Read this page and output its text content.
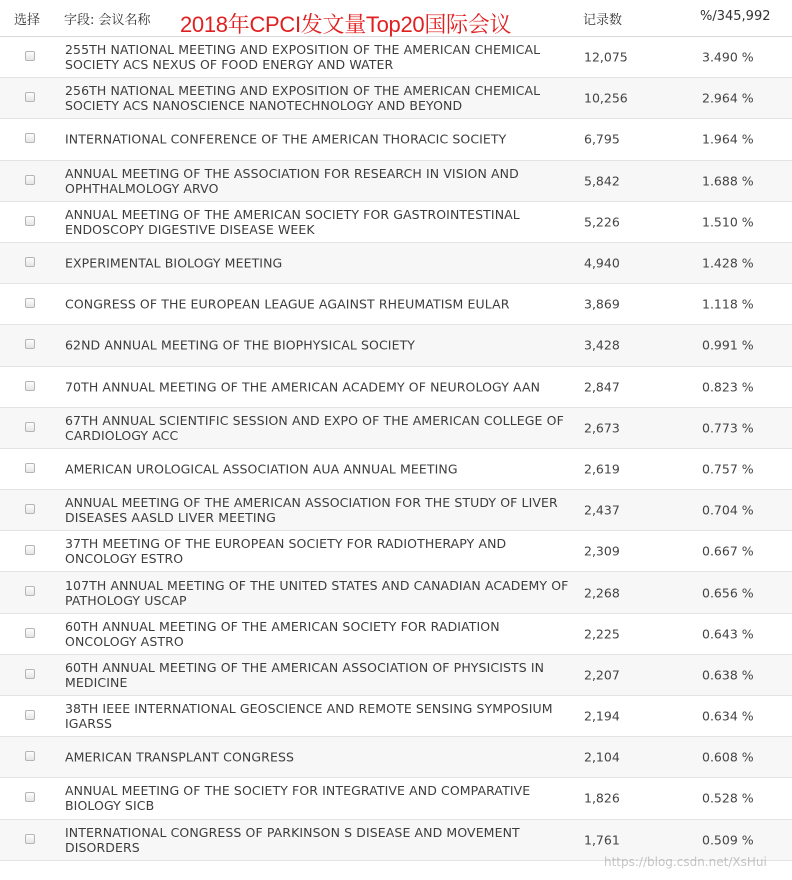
选择 字段: 会议名称	记录数	%/345,992
2018年CPCI发文量Top20国际会议
255TH NATIONAL MEETING AND EXPOSITION OF THE AMERICAN CHEMICAL SOCIETY ACS NEXUS OF FOOD ENERGY AND WATER	12,075	3.490 %
256TH NATIONAL MEETING AND EXPOSITION OF THE AMERICAN CHEMICAL SOCIETY ACS NANOSCIENCE NANOTECHNOLOGY AND BEYOND	10,256	2.964 %
INTERNATIONAL CONFERENCE OF THE AMERICAN THORACIC SOCIETY	6,795	1.964 %
ANNUAL MEETING OF THE ASSOCIATION FOR RESEARCH IN VISION AND OPHTHALMOLOGY ARVO	5,842	1.688 %
ANNUAL MEETING OF THE AMERICAN SOCIETY FOR GASTROINTESTINAL ENDOSCOPY DIGESTIVE DISEASE WEEK	5,226	1.510 %
EXPERIMENTAL BIOLOGY MEETING	4,940	1.428 %
CONGRESS OF THE EUROPEAN LEAGUE AGAINST RHEUMATISM EULAR	3,869	1.118 %
62ND ANNUAL MEETING OF THE BIOPHYSICAL SOCIETY	3,428	0.991 %
70TH ANNUAL MEETING OF THE AMERICAN ACADEMY OF NEUROLOGY AAN	2,847	0.823 %
67TH ANNUAL SCIENTIFIC SESSION AND EXPO OF THE AMERICAN COLLEGE OF CARDIOLOGY ACC	2,673	0.773 %
AMERICAN UROLOGICAL ASSOCIATION AUA ANNUAL MEETING	2,619	0.757 %
ANNUAL MEETING OF THE AMERICAN ASSOCIATION FOR THE STUDY OF LIVER DISEASES AASLD LIVER MEETING	2,437	0.704 %
37TH MEETING OF THE EUROPEAN SOCIETY FOR RADIOTHERAPY AND ONCOLOGY ESTRO	2,309	0.667 %
107TH ANNUAL MEETING OF THE UNITED STATES AND CANADIAN ACADEMY OF PATHOLOGY USCAP	2,268	0.656 %
60TH ANNUAL MEETING OF THE AMERICAN SOCIETY FOR RADIATION ONCOLOGY ASTRO	2,225	0.643 %
60TH ANNUAL MEETING OF THE AMERICAN ASSOCIATION OF PHYSICISTS IN MEDICINE	2,207	0.638 %
38TH IEEE INTERNATIONAL GEOSCIENCE AND REMOTE SENSING SYMPOSIUM IGARSS	2,194	0.634 %
AMERICAN TRANSPLANT CONGRESS	2,104	0.608 %
ANNUAL MEETING OF THE SOCIETY FOR INTEGRATIVE AND COMPARATIVE BIOLOGY SICB	1,826	0.528 %
INTERNATIONAL CONGRESS OF PARKINSON S DISEASE AND MOVEMENT DISORDERS	1,761	0.509 %
https://blog.csdn.net/XsHui
